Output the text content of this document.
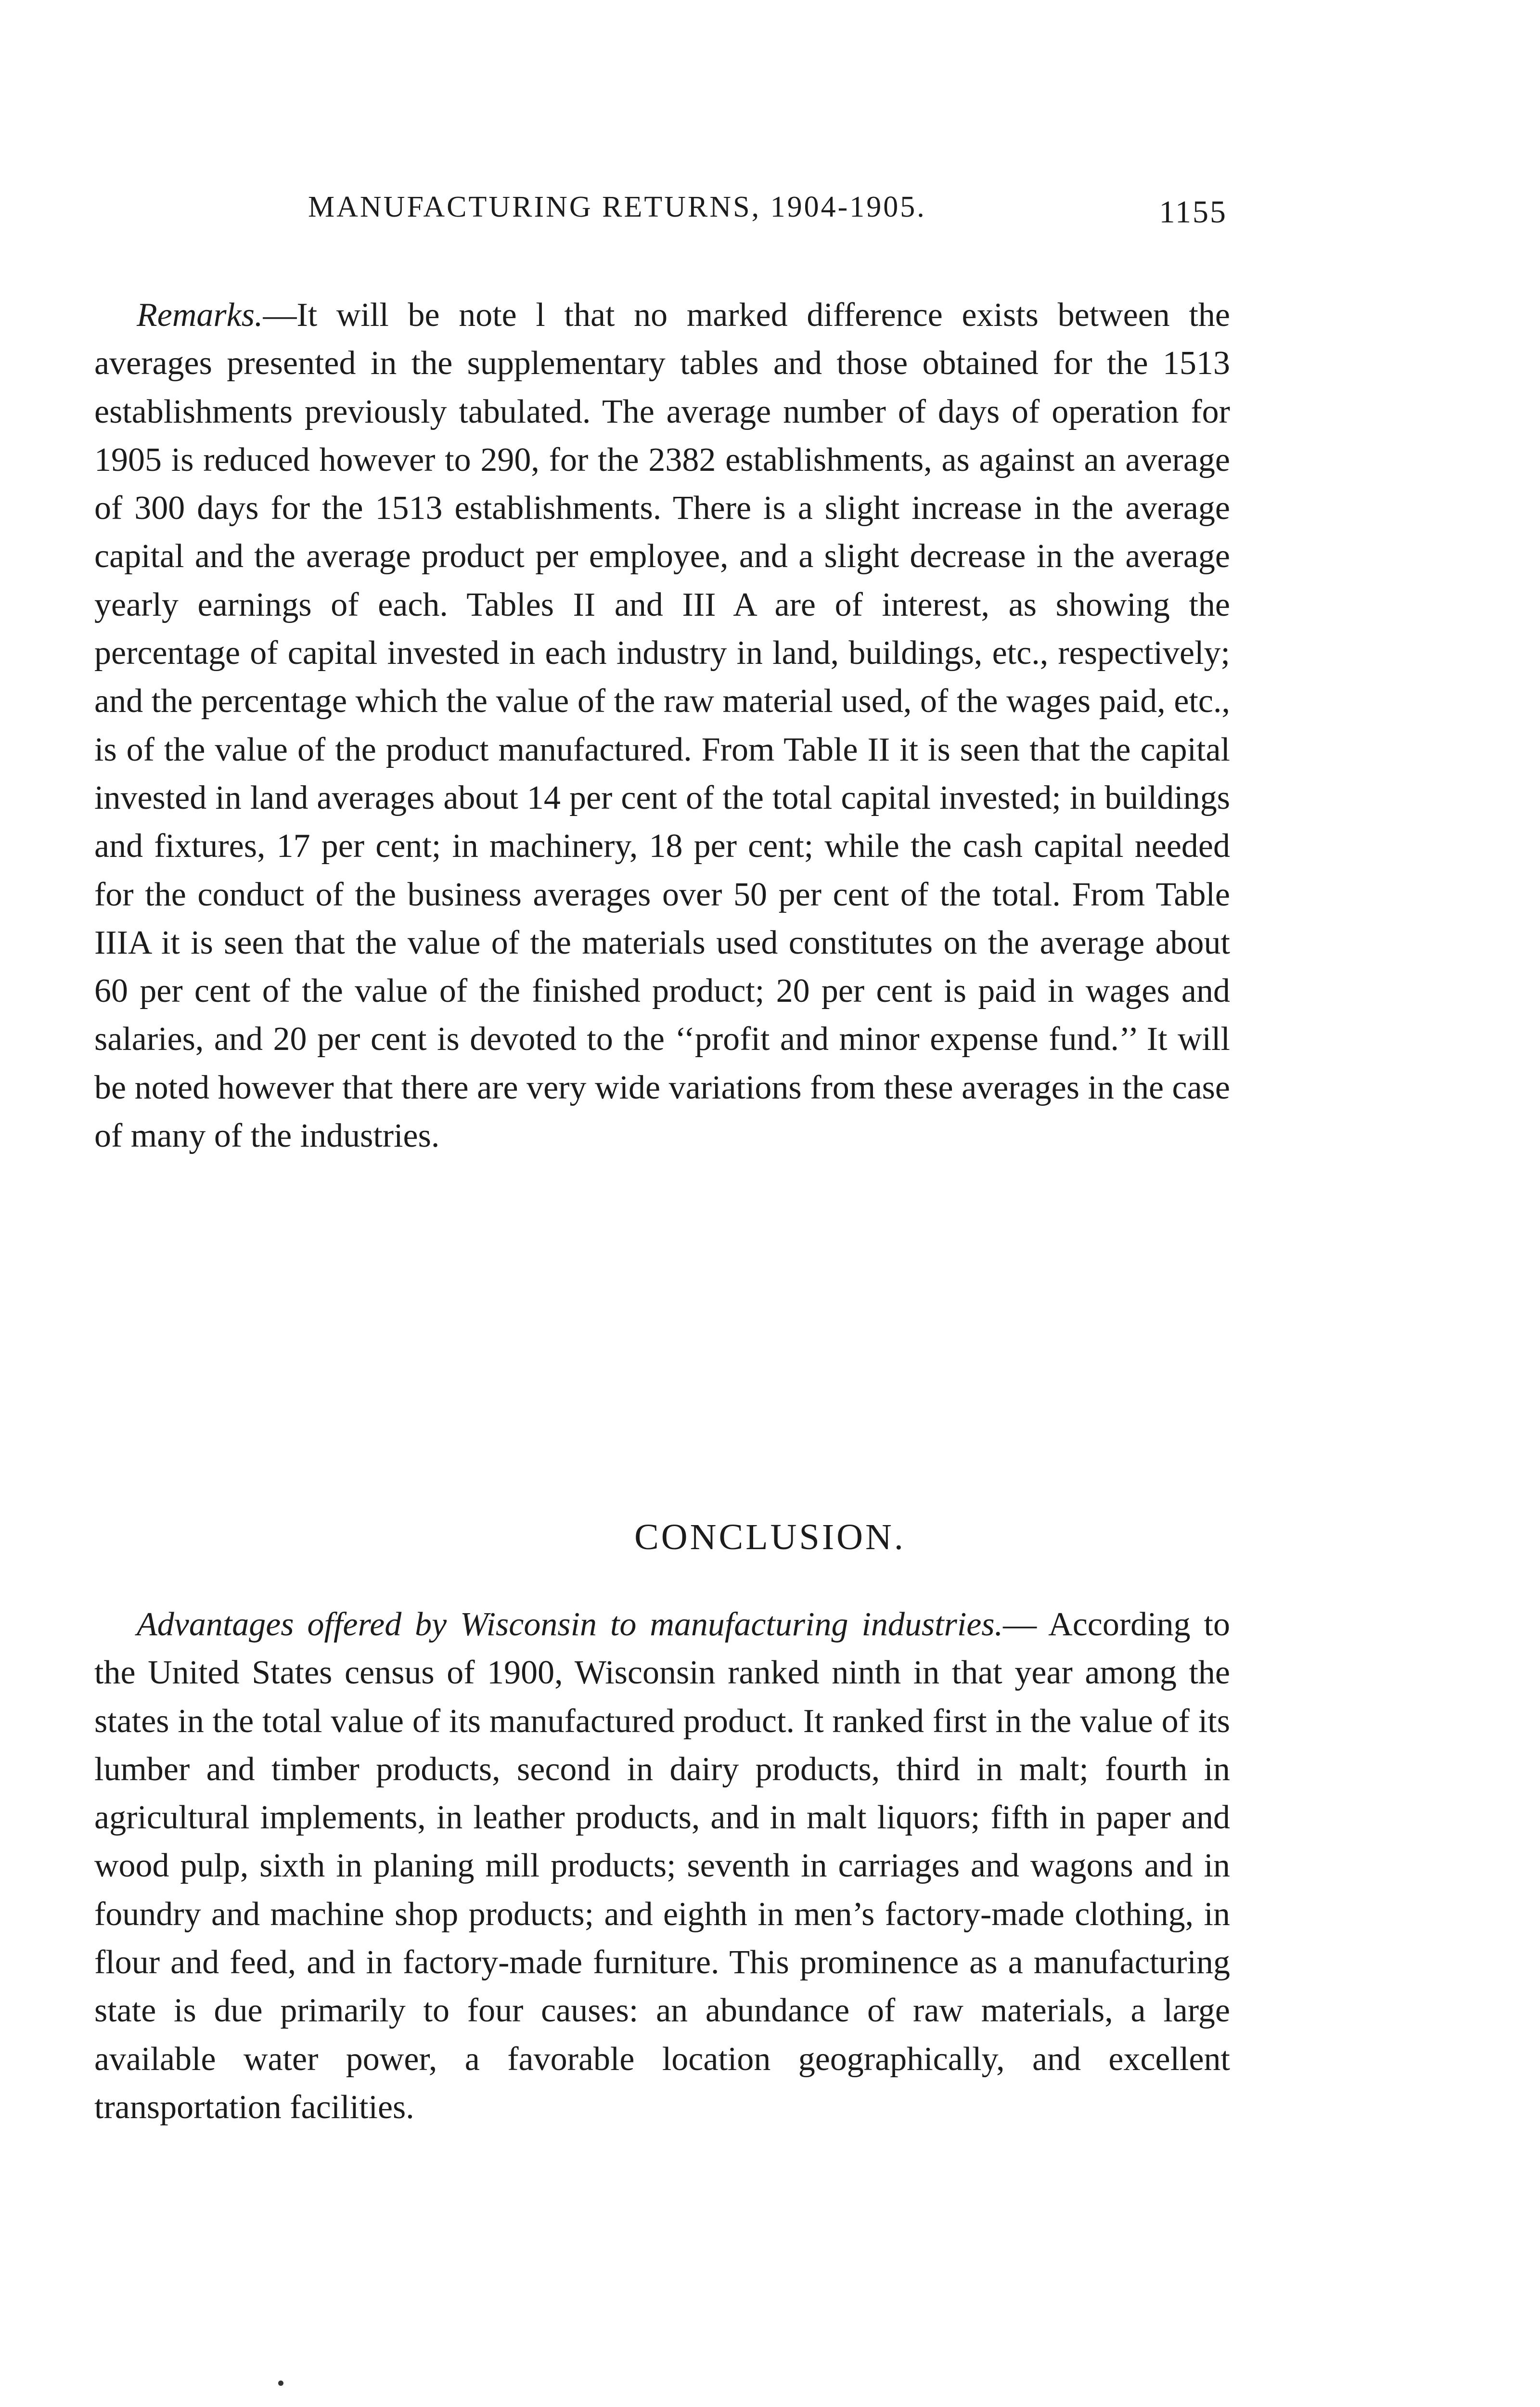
MANUFACTURING RETURNS, 1904-1905.	1155

Remarks.—It will be note l that no marked difference exists between the averages presented in the supplementary tables and those obtained for the 1513 establishments previously tabulated. The average number of days of operation for 1905 is reduced however to 290, for the 2382 establishments, as against an average of 300 days for the 1513 establishments. There is a slight increase in the average capital and the average product per employee, and a slight decrease in the average yearly earnings of each. Tables II and III A are of interest, as showing the percentage of capital invested in each industry in land, buildings, etc., respectively; and the percentage which the value of the raw material used, of the wages paid, etc., is of the value of the product manufactured. From Table II it is seen that the capital invested in land averages about 14 per cent of the total capital invested; in buildings and fixtures, 17 per cent; in machinery, 18 per cent; while the cash capital needed for the conduct of the business averages over 50 per cent of the total. From Table IIIA it is seen that the value of the materials used constitutes on the average about 60 per cent of the value of the finished product; 20 per cent is paid in wages and salaries, and 20 per cent is devoted to the ‘‘profit and minor expense fund.’’ It will be noted however that there are very wide variations from these averages in the case of many of the industries.

CONCLUSION.

Advantages offered by Wisconsin to manufacturing industries.— According to the United States census of 1900, Wisconsin ranked ninth in that year among the states in the total value of its manufactured product. It ranked first in the value of its lumber and timber products, second in dairy products, third in malt; fourth in agricultural implements, in leather products, and in malt liquors; fifth in paper and wood pulp, sixth in planing mill products; seventh in carriages and wagons and in foundry and machine shop products; and eighth in men’s factory-made clothing, in flour and feed, and in factory-made furniture. This prominence as a manufacturing state is due primarily to four causes: an abundance of raw materials, a large available water power, a favorable location geographically, and excellent transportation facilities.
